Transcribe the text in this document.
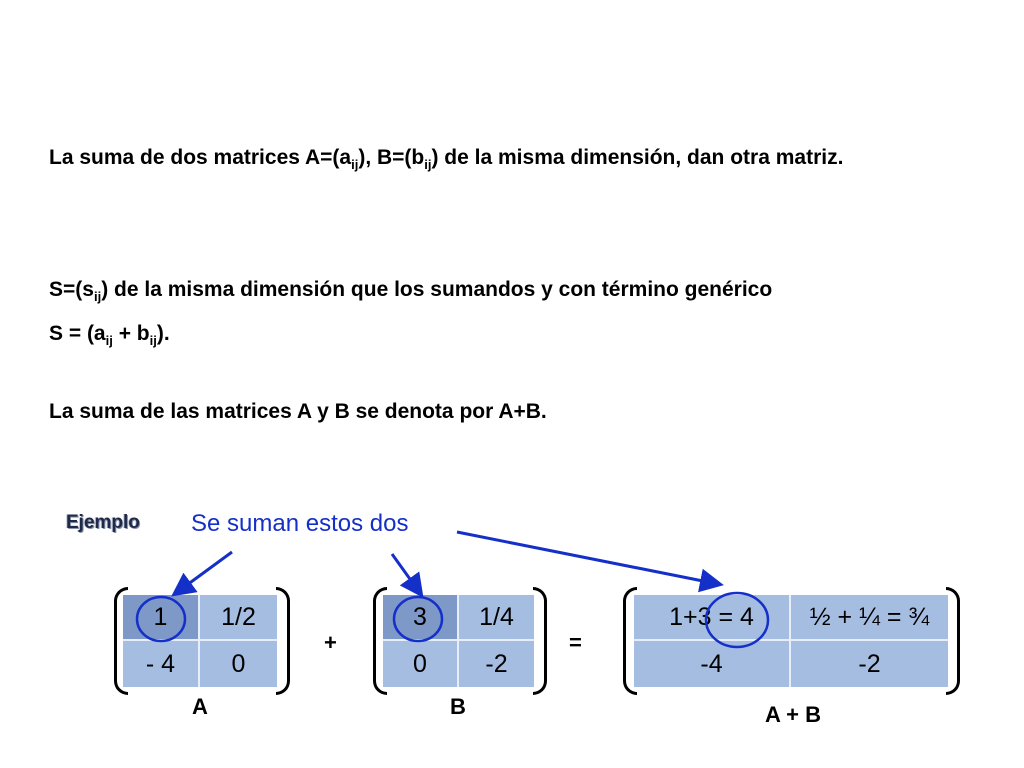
La suma de dos matrices $A=(a_{ij})$, $B=(b_{ij})$ de la misma dimensión, dan otra matriz.
$S=(s_{ij})$ de la misma dimensión que los sumandos y con término genérico
$S = (a_{ij} + b_{ij})$.
La suma de las matrices A y B se denota por A+B.
Ejemplo Se suman estos dos
1	1/2
- 4	0
A
+
3	1/4
0	-2
B
=
1+3 = 4	½ + ¼ = ¾
-4	-2
A + B
